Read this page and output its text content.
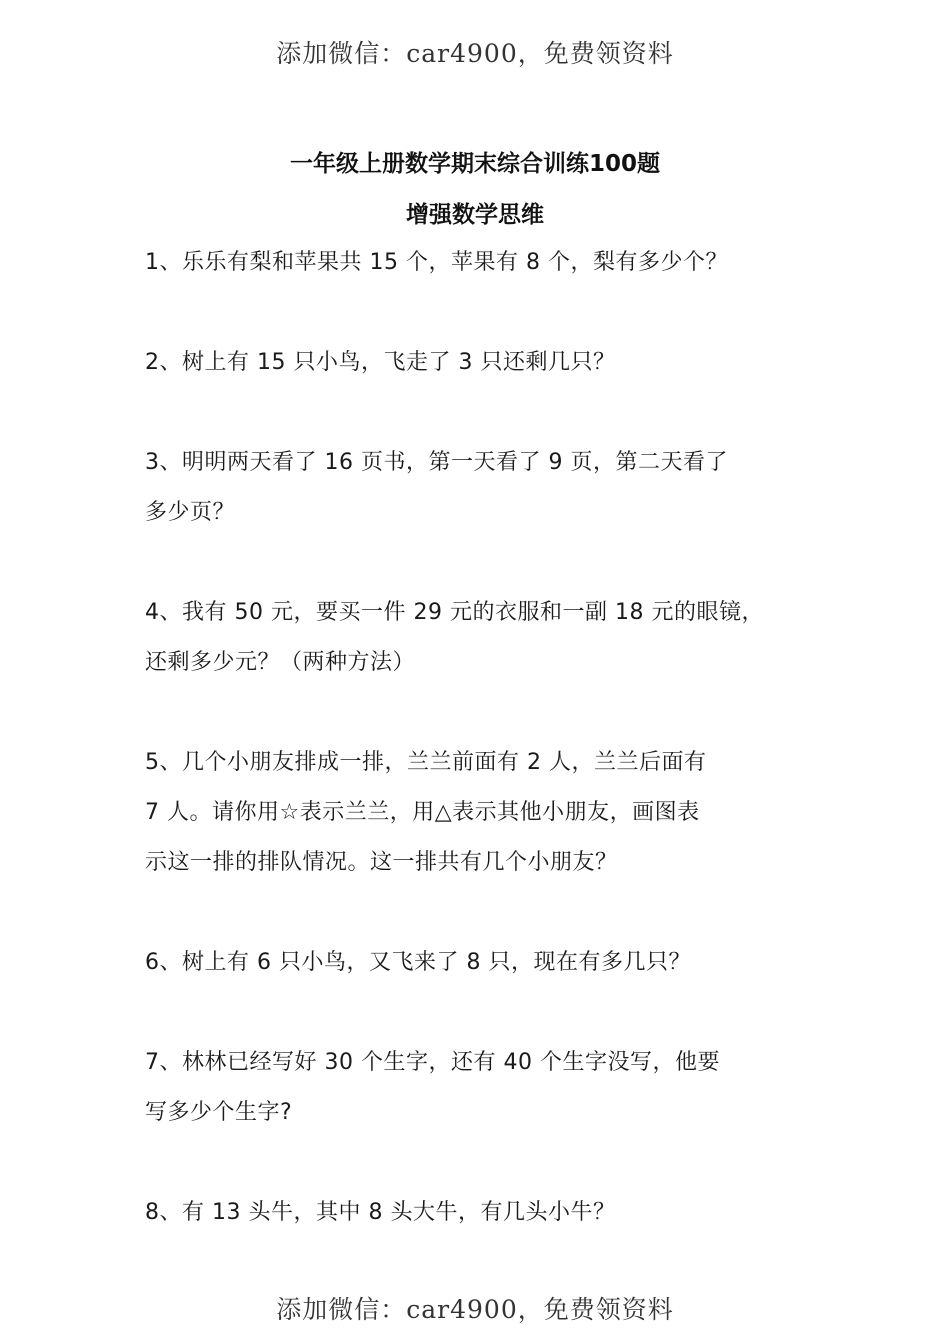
添加微信：car4900，免费领资料
一年级上册数学期末综合训练100题
增强数学思维

1、乐乐有梨和苹果共 15 个，苹果有 8 个，梨有多少个？

2、树上有 15 只小鸟，飞走了 3 只还剩几只？

3、明明两天看了 16 页书，第一天看了 9 页，第二天看了

多少页？

4、我有 50 元，要买一件 29 元的衣服和一副 18 元的眼镜，

还剩多少元？（两种方法）

5、几个小朋友排成一排，兰兰前面有 2 人，兰兰后面有

7 人。请你用☆表示兰兰，用△表示其他小朋友，画图表

示这一排的排队情况。这一排共有几个小朋友？

6、树上有 6 只小鸟，又飞来了 8 只，现在有多几只？

7、林林已经写好 30 个生字，还有 40 个生字没写，他要

写多少个生字?

8、有 13 头牛，其中 8 头大牛，有几头小牛？

添加微信：car4900，免费领资料
